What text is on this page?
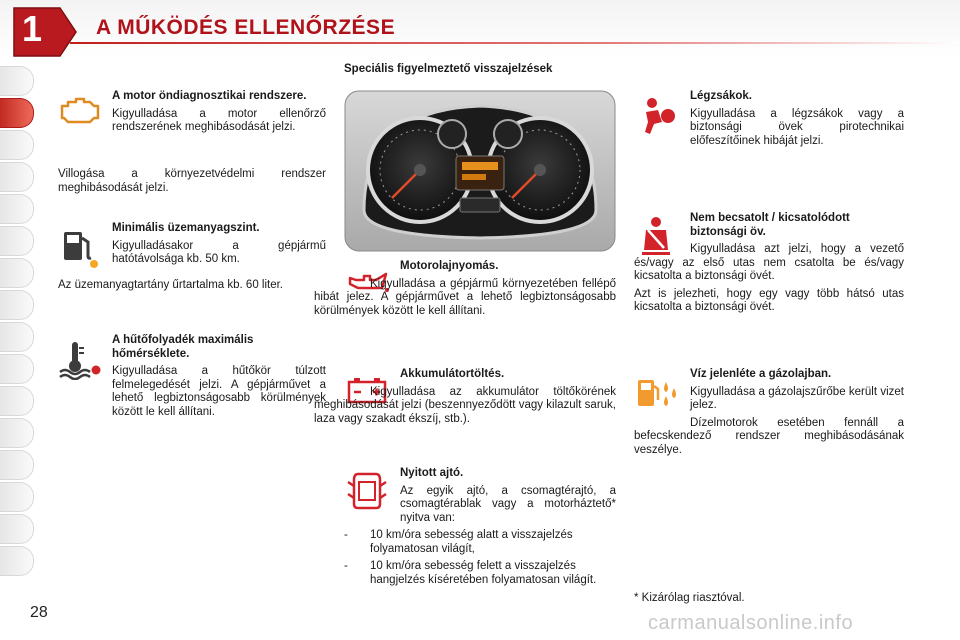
1	A MŰKÖDÉS ELLENŐRZÉSE
Speciális figyelmeztető visszajelzések
A motor öndiagnosztikai rendszere.
Kigyulladása a motor ellenőrző rendszerének meghibásodását jelzi.
Villogása a környezetvédelmi rendszer meghibásodását jelzi.
Minimális üzemanyagszint.
Kigyulladásakor a gépjármű hatótávolsága kb. 50 km.
Az üzemanyagtartány űrtartalma kb. 60 liter.
A hűtőfolyadék maximális hőmérséklete.
Kigyulladása a hűtőkör túlzott felmelegedését jelzi. A gépjárművet a lehető legbiztonságosabb körülmények között le kell állítani.
Motorolajnyomás.
Kigyulladása a gépjármű környezetében fellépő hibát jelez. A gépjárművet a lehető legbiztonságosabb körülmények között le kell állítani.
Akkumulátortöltés.
Kigyulladása az akkumulátor töltőkörének meghibásodását jelzi (beszennyeződött vagy kilazult saruk, laza vagy szakadt ékszíj, stb.).
Nyitott ajtó.
Az egyik ajtó, a csomagtérajtó, a csomagtérablak vagy a motorháztető* nyitva van:
-	10 km/óra sebesség alatt a visszajelzés folyamatosan világít,
-	10 km/óra sebesség felett a visszajelzés hangjelzés kíséretében folyamatosan világít.
Légzsákok.
Kigyulladása a légzsákok vagy a biztonsági övek pirotechnikai előfeszítőinek hibáját jelzi.
Nem becsatolt / kicsatolódott biztonsági öv.
Kigyulladása azt jelzi, hogy a vezető és/vagy az első utas nem csatolta be és/vagy kicsatolta a biztonsági övét.
Azt is jelezheti, hogy egy vagy több hátsó utas kicsatolta a biztonsági övét.
Víz jelenléte a gázolajban.
Kigyulladása a gázolajszűrőbe került vizet jelez.
Dízelmotorok esetében fennáll a befecskendező rendszer meghibásodásának veszélye.
* Kizárólag riasztóval.
28	carmanualsonline.info
